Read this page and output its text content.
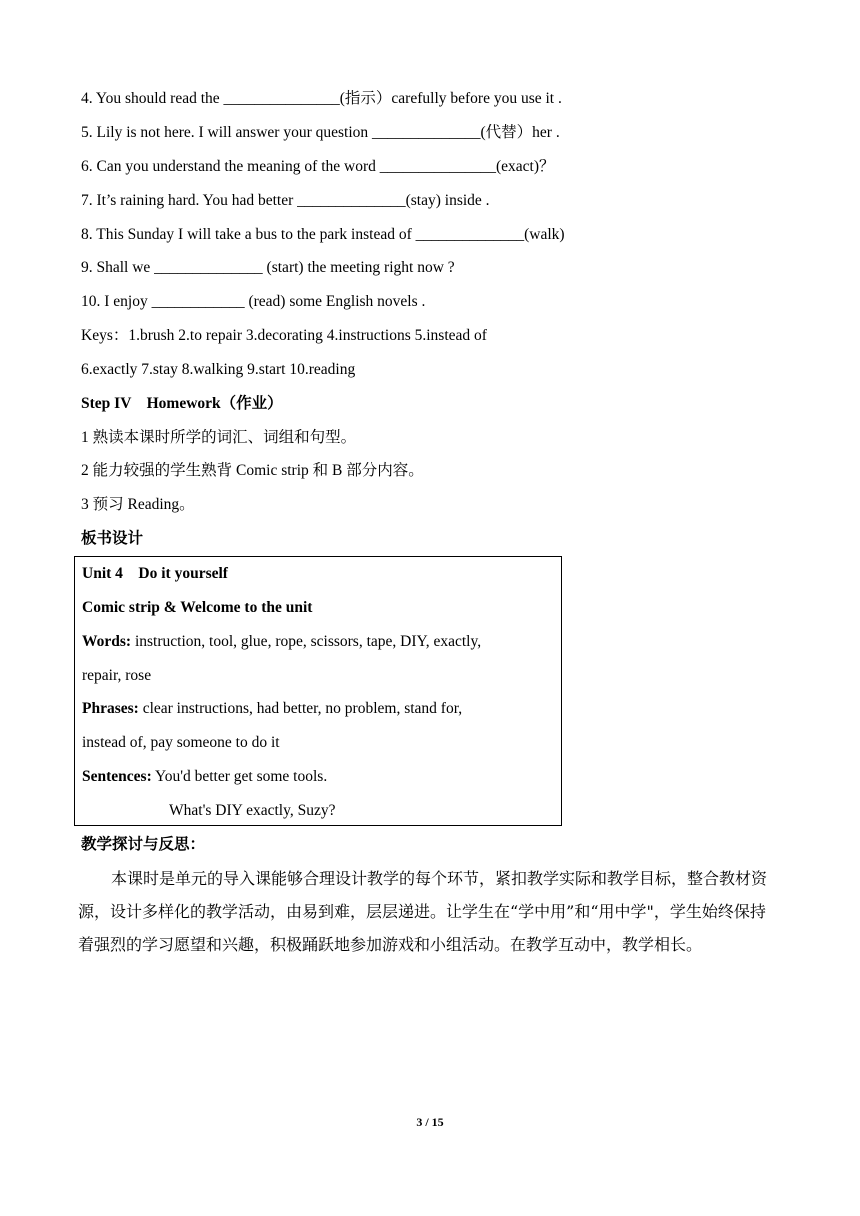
4. You should read the _______________(指示）carefully before you use it .
5. Lily is not here. I will answer your question ______________(代替）her .
6. Can you understand the meaning of the word _______________(exact)？
7. It’s raining hard. You had better ______________(stay) inside .
8. This Sunday I will take a bus to the park instead of ______________(walk)
9. Shall we ______________ (start) the meeting right now ?
10. I enjoy ____________ (read) some English novels .
Keys：1.brush 2.to repair 3.decorating 4.instructions 5.instead of
6.exactly 7.stay 8.walking 9.start 10.reading
Step IV　Homework（作业）
1 熟读本课时所学的词汇、词组和句型。
2 能力较强的学生熟背 Comic strip 和 B 部分内容。
3 预习 Reading。
板书设计
Unit 4　Do it yourself
Comic strip & Welcome to the unit
Words: instruction, tool, glue, rope, scissors, tape, DIY, exactly,
repair, rose
Phrases: clear instructions, had better, no problem, stand for,
instead of, pay someone to do it
Sentences: You'd better get some tools.
What's DIY exactly, Suzy?
教学探讨与反思：
本课时是单元的导入课能够合理设计教学的每个环节，紧扣教学实际和教学目标，整合教材资源，设计多样化的教学活动，由易到难，层层递进。让学生在“学中用”和“用中学"，学生始终保持着强烈的学习愿望和兴趣，积极踊跃地参加游戏和小组活动。在教学互动中，教学相长。
3 / 15
